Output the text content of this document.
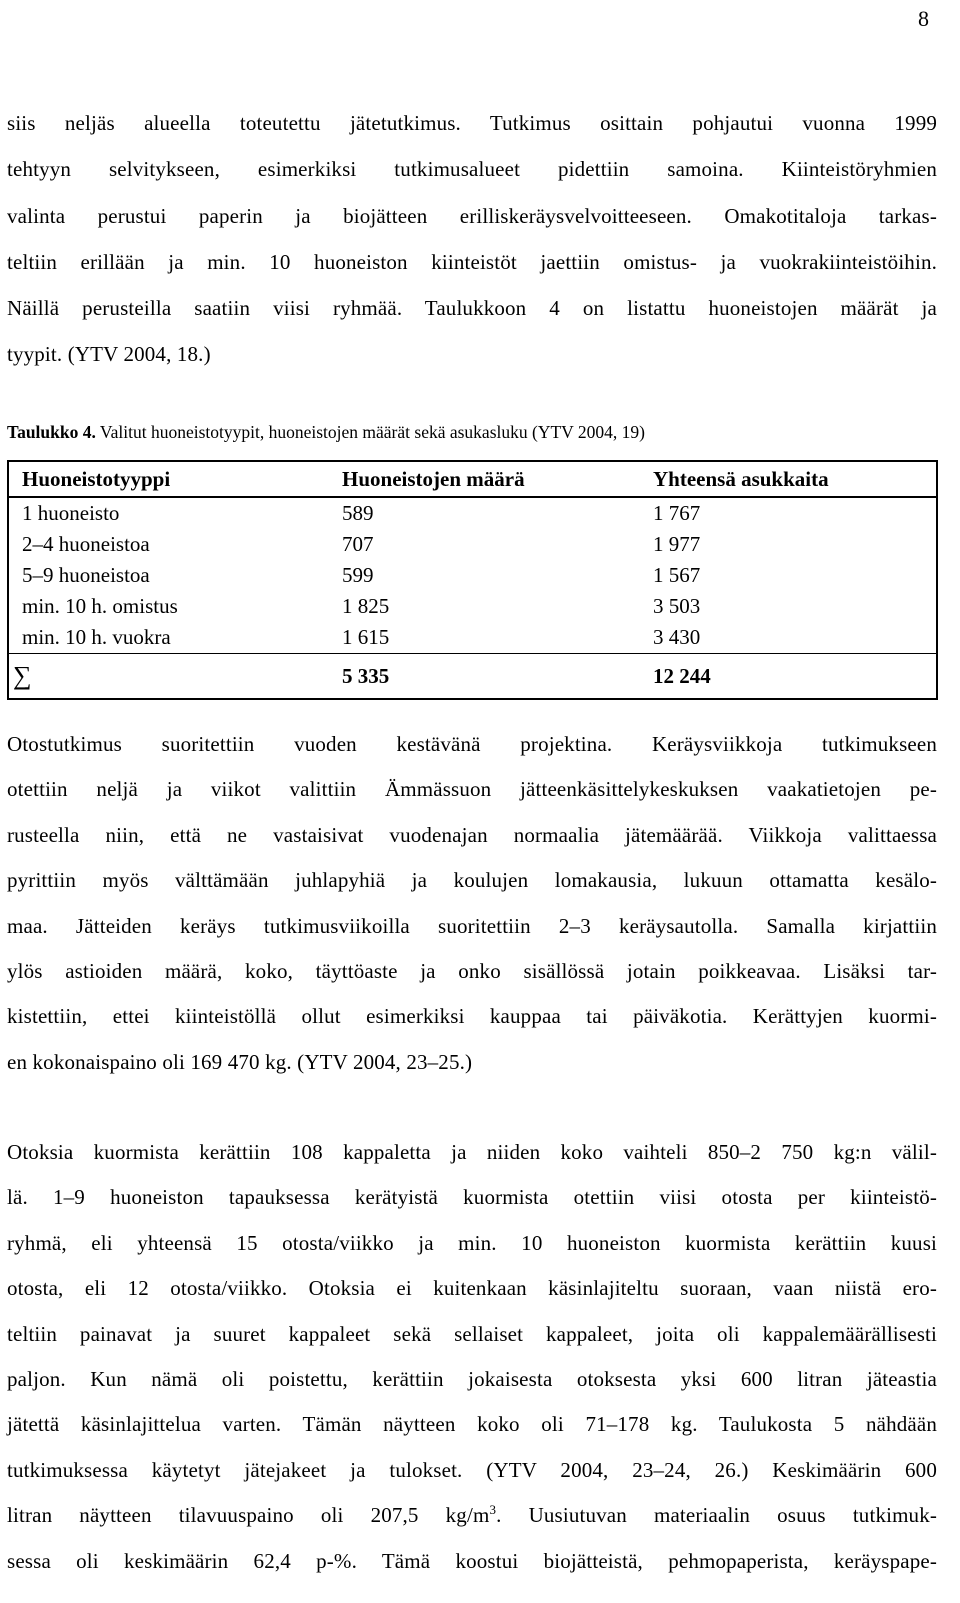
8
siis neljäs alueella toteutettu jätetutkimus. Tutkimus osittain pohjautui vuonna 1999
tehtyyn selvitykseen, esimerkiksi tutkimusalueet pidettiin samoina. Kiinteistöryhmien
valinta perustui paperin ja biojätteen erilliskeräysvelvoitteeseen. Omakotitaloja tarkas-
teltiin erillään ja min. 10 huoneiston kiinteistöt jaettiin omistus- ja vuokrakiinteistöihin.
Näillä perusteilla saatiin viisi ryhmää. Taulukkoon 4 on listattu huoneistojen määrät ja
tyypit. (YTV 2004, 18.)
Taulukko 4. Valitut huoneistotyypit, huoneistojen määrät sekä asukasluku (YTV 2004, 19)
Huoneistotyyppi	Huoneistojen määrä	Yhteensä asukkaita
1 huoneisto	589	1 767
2–4 huoneistoa	707	1 977
5–9 huoneistoa	599	1 567
min. 10 h. omistus	1 825	3 503
min. 10 h. vuokra	1 615	3 430
∑	5 335	12 244
Otostutkimus suoritettiin vuoden kestävänä projektina. Keräysviikkoja tutkimukseen
otettiin neljä ja viikot valittiin Ämmässuon jätteenkäsittelykeskuksen vaakatietojen pe-
rusteella niin, että ne vastaisivat vuodenajan normaalia jätemäärää. Viikkoja valittaessa
pyrittiin myös välttämään juhlapyhiä ja koulujen lomakausia, lukuun ottamatta kesälo-
maa. Jätteiden keräys tutkimusviikoilla suoritettiin 2–3 keräysautolla. Samalla kirjattiin
ylös astioiden määrä, koko, täyttöaste ja onko sisällössä jotain poikkeavaa. Lisäksi tar-
kistettiin, ettei kiinteistöllä ollut esimerkiksi kauppaa tai päiväkotia. Kerättyjen kuormi-
en kokonaispaino oli 169 470 kg. (YTV 2004, 23–25.)
Otoksia kuormista kerättiin 108 kappaletta ja niiden koko vaihteli 850–2 750 kg:n välil-
lä. 1–9 huoneiston tapauksessa kerätyistä kuormista otettiin viisi otosta per kiinteistö-
ryhmä, eli yhteensä 15 otosta/viikko ja min. 10 huoneiston kuormista kerättiin kuusi
otosta, eli 12 otosta/viikko. Otoksia ei kuitenkaan käsinlajiteltu suoraan, vaan niistä ero-
teltiin painavat ja suuret kappaleet sekä sellaiset kappaleet, joita oli kappalemäärällisesti
paljon. Kun nämä oli poistettu, kerättiin jokaisesta otoksesta yksi 600 litran jäteastia
jätettä käsinlajittelua varten. Tämän näytteen koko oli 71–178 kg. Taulukosta 5 nähdään
tutkimuksessa käytetyt jätejakeet ja tulokset. (YTV 2004, 23–24, 26.) Keskimäärin 600
litran näytteen tilavuuspaino oli 207,5 $kg/m^3$. Uusiutuvan materiaalin osuus tutkimuk-
sessa oli keskimäärin 62,4 p-%. Tämä koostui biojätteistä, pehmopaperista, keräyspape-
